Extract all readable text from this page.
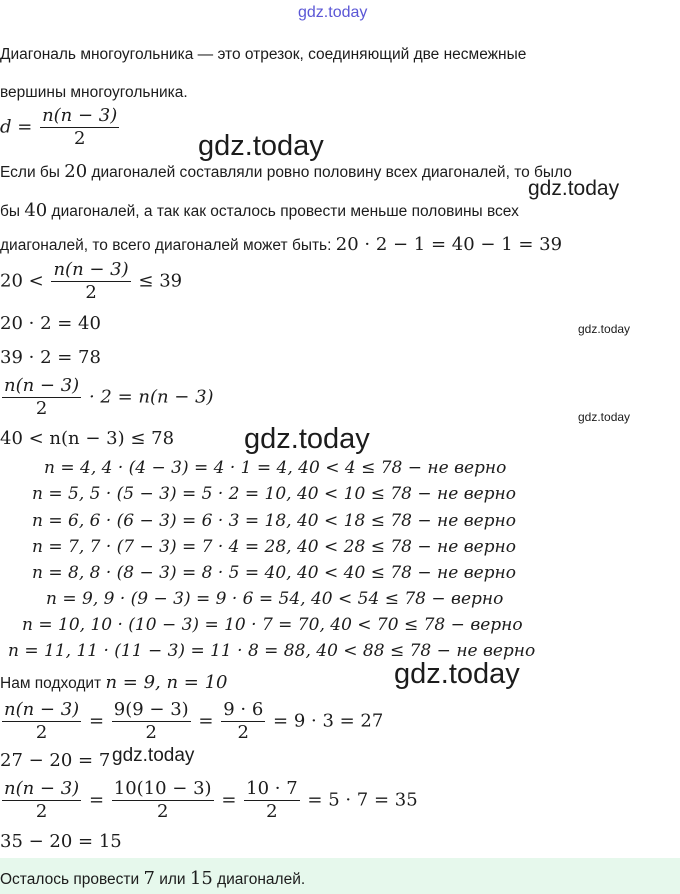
gdz.today
Диагональ многоугольника — это отрезок, соединяющий две несмежные
вершины многоугольника.
$d = \frac{n(n - 3)}{2}$	gdz.today
Если бы 20 диагоналей составляли ровно половину всех диагоналей, то было
gdz.today
бы 40 диагоналей, а так как осталось провести меньше половины всех
диагоналей, то всего диагоналей может быть: 20 · 2 − 1 = 40 − 1 = 39
$20 < \frac{n(n - 3)}{2} \le 39$
20 · 2 = 40	gdz.today
39 · 2 = 78
$\frac{n(n - 3)}{2} \cdot 2 = n(n - 3)$
gdz.today
40 < n(n − 3) ≤ 78 gdz.today
n = 4, 4 · (4 − 3) = 4 · 1 = 4, 40 < 4 ≤ 78 − не верно
n = 5, 5 · (5 − 3) = 5 · 2 = 10, 40 < 10 ≤ 78 − не верно
n = 6, 6 · (6 − 3) = 6 · 3 = 18, 40 < 18 ≤ 78 − не верно
n = 7, 7 · (7 − 3) = 7 · 4 = 28, 40 < 28 ≤ 78 − не верно
n = 8, 8 · (8 − 3) = 8 · 5 = 40, 40 < 40 ≤ 78 − не верно
n = 9, 9 · (9 − 3) = 9 · 6 = 54, 40 < 54 ≤ 78 − верно
n = 10, 10 · (10 − 3) = 10 · 7 = 70, 40 < 70 ≤ 78 − верно
n = 11, 11 · (11 − 3) = 11 · 8 = 88, 40 < 88 ≤ 78 − не верно
gdz.today
Нам подходит n = 9, n = 10
$\frac{n(n - 3)}{2} = \frac{9(9 - 3)}{2} = \frac{9 \cdot 6}{2} = 9 \cdot 3 = 27$
27 − 20 = 7 gdz.today
$\frac{n(n - 3)}{2} = \frac{10(10 - 3)}{2} = \frac{10 \cdot 7}{2} = 5 \cdot 7 = 35$
35 − 20 = 15
Осталось провести 7 или 15 диагоналей.
